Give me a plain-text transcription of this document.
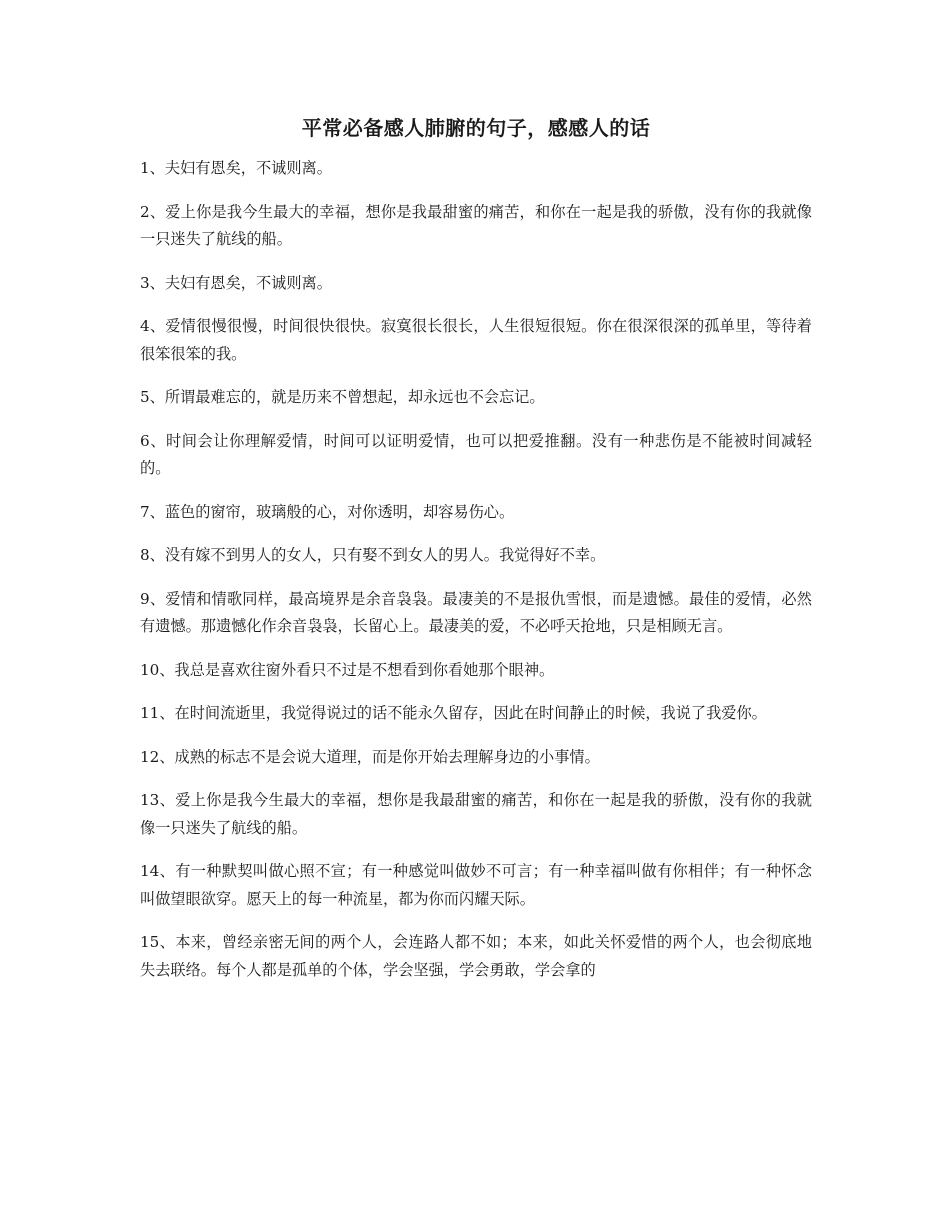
平常必备感人肺腑的句子，感感人的话

1、夫妇有恩矣，不诚则离。

2、爱上你是我今生最大的幸福，想你是我最甜蜜的痛苦，和你在一起是我的骄傲，没有你的我就像一只迷失了航线的船。

3、夫妇有恩矣，不诚则离。

4、爱情很慢很慢，时间很快很快。寂寞很长很长，人生很短很短。你在很深很深的孤单里，等待着很笨很笨的我。

5、所谓最难忘的，就是历来不曾想起，却永远也不会忘记。

6、时间会让你理解爱情，时间可以证明爱情，也可以把爱推翻。没有一种悲伤是不能被时间减轻的。

7、蓝色的窗帘，玻璃般的心，对你透明，却容易伤心。

8、没有嫁不到男人的女人，只有娶不到女人的男人。我觉得好不幸。

9、爱情和情歌同样，最高境界是余音袅袅。最凄美的不是报仇雪恨，而是遗憾。最佳的爱情，必然有遗憾。那遗憾化作余音袅袅，长留心上。最凄美的爱，不必呼天抢地，只是相顾无言。

10、我总是喜欢往窗外看只不过是不想看到你看她那个眼神。

11、在时间流逝里，我觉得说过的话不能永久留存，因此在时间静止的时候，我说了我爱你。

12、成熟的标志不是会说大道理，而是你开始去理解身边的小事情。

13、爱上你是我今生最大的幸福，想你是我最甜蜜的痛苦，和你在一起是我的骄傲，没有你的我就像一只迷失了航线的船。

14、有一种默契叫做心照不宣；有一种感觉叫做妙不可言；有一种幸福叫做有你相伴；有一种怀念叫做望眼欲穿。愿天上的每一种流星，都为你而闪耀天际。

15、本来，曾经亲密无间的两个人，会连路人都不如；本来，如此关怀爱惜的两个人，也会彻底地失去联络。每个人都是孤单的个体，学会坚强，学会勇敢，学会拿的
